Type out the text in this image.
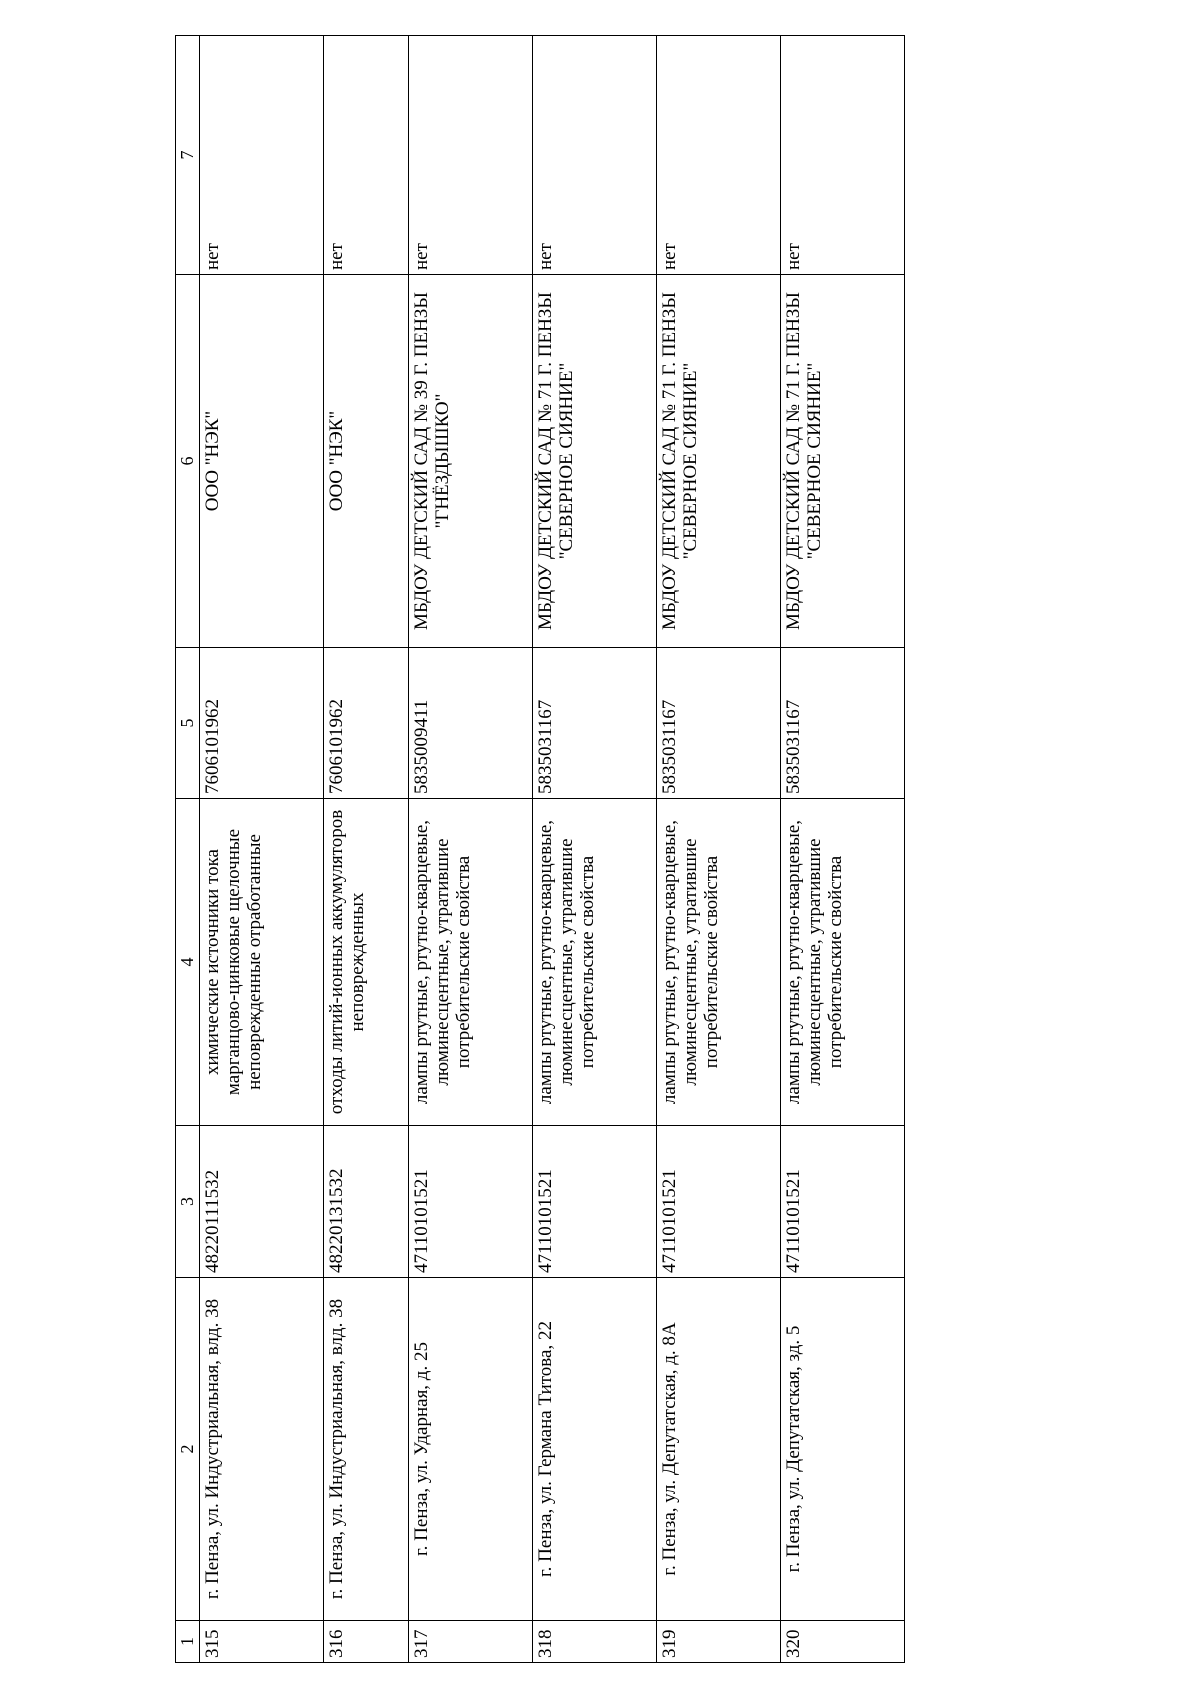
1	2	3	4	5	6	7
315	г. Пенза, ул. Индустриальная, влд. 38	48220111532	химические источники тока марганцово-цинковые щелочные неповрежденные отработанные	7606101962	ООО "НЭК"	нет
316	г. Пенза, ул. Индустриальная, влд. 38	48220131532	отходы литий-ионных аккумуляторов неповрежденных	7606101962	ООО "НЭК"	нет
317	г. Пенза, ул. Ударная, д. 25	47110101521	лампы ртутные, ртутно-кварцевые, люминесцентные, утратившие потребительские свойства	5835009411	МБДОУ ДЕТСКИЙ САД № 39 Г. ПЕНЗЫ "ГНЁЗДЫШКО"	нет
318	г. Пенза, ул. Германа Титова, 22	47110101521	лампы ртутные, ртутно-кварцевые, люминесцентные, утратившие потребительские свойства	5835031167	МБДОУ ДЕТСКИЙ САД № 71 Г. ПЕНЗЫ "СЕВЕРНОЕ СИЯНИЕ"	нет
319	г. Пенза, ул. Депутатская, д. 8А	47110101521	лампы ртутные, ртутно-кварцевые, люминесцентные, утратившие потребительские свойства	5835031167	МБДОУ ДЕТСКИЙ САД № 71 Г. ПЕНЗЫ "СЕВЕРНОЕ СИЯНИЕ"	нет
320	г. Пенза, ул. Депутатская, зд. 5	47110101521	лампы ртутные, ртутно-кварцевые, люминесцентные, утратившие потребительские свойства	5835031167	МБДОУ ДЕТСКИЙ САД № 71 Г. ПЕНЗЫ "СЕВЕРНОЕ СИЯНИЕ"	нет
